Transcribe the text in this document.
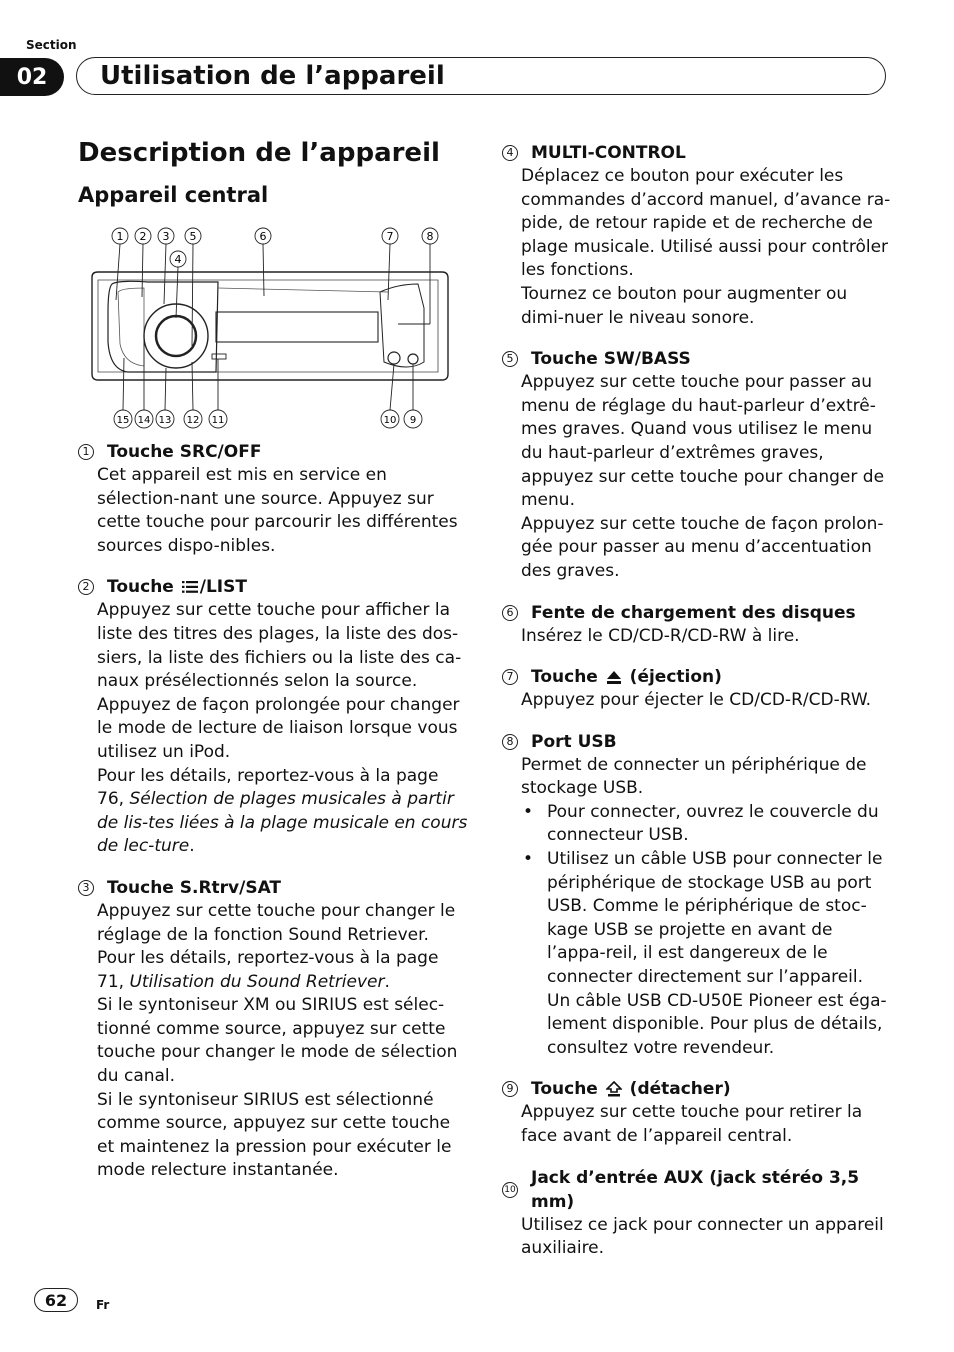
Section
02	Utilisation de l’appareil
Description de l’appareil
Appareil central
1 2 3 5	6	7	8
4
15 14 13 12 11	10 9
1 Touche SRC/OFF

Cet appareil est mis en service en sélection-nant une source. Appuyez sur cette touche pour parcourir les différentes sources dispo-nibles.

2 Touche /LIST

Appuyez sur cette touche pour afficher la liste des titres des plages, la liste des dos-siers, la liste des fichiers ou la liste des ca-naux présélectionnés selon la source.

Appuyez de façon prolongée pour changer le mode de lecture de liaison lorsque vous utilisez un iPod.

Pour les détails, reportez-vous à la page 76, Sélection de plages musicales à partir de lis-tes liées à la plage musicale en cours de lec-ture.

3 Touche S.Rtrv/SAT

Appuyez sur cette touche pour changer le réglage de la fonction Sound Retriever.

Pour les détails, reportez-vous à la page 71, Utilisation du Sound Retriever.

Si le syntoniseur XM ou SIRIUS est sélec-tionné comme source, appuyez sur cette touche pour changer le mode de sélection du canal.

Si le syntoniseur SIRIUS est sélectionné comme source, appuyez sur cette touche et maintenez la pression pour exécuter le mode relecture instantanée.

4 MULTI-CONTROL

Déplacez ce bouton pour exécuter les commandes d’accord manuel, d’avance ra-pide, de retour rapide et de recherche de plage musicale. Utilisé aussi pour contrôler les fonctions.

Tournez ce bouton pour augmenter ou dimi-nuer le niveau sonore.

5 Touche SW/BASS

Appuyez sur cette touche pour passer au menu de réglage du haut-parleur d’extrê-mes graves. Quand vous utilisez le menu du haut-parleur d’extrêmes graves, appuyez sur cette touche pour changer de menu.

Appuyez sur cette touche de façon prolon-gée pour passer au menu d’accentuation des graves.

6 Fente de chargement des disques

Insérez le CD/CD-R/CD-RW à lire.

7 Touche (éjection)

Appuyez pour éjecter le CD/CD-R/CD-RW.

8 Port USB

Permet de connecter un périphérique de stockage USB.

• Pour connecter, ouvrez le couvercle du connecteur USB.
• Utilisez un câble USB pour connecter le périphérique de stockage USB au port USB. Comme le périphérique de stoc-kage USB se projette en avant de l’appa-reil, il est dangereux de le connecter directement sur l’appareil.
Un câble USB CD-U50E Pioneer est éga-lement disponible. Pour plus de détails, consultez votre revendeur.
9 Touche (détacher)

Appuyez sur cette touche pour retirer la face avant de l’appareil central.

10
Jack d’entrée AUX (jack stéréo 3,5 mm)

Utilisez ce jack pour connecter un appareil auxiliaire.

62	Fr
